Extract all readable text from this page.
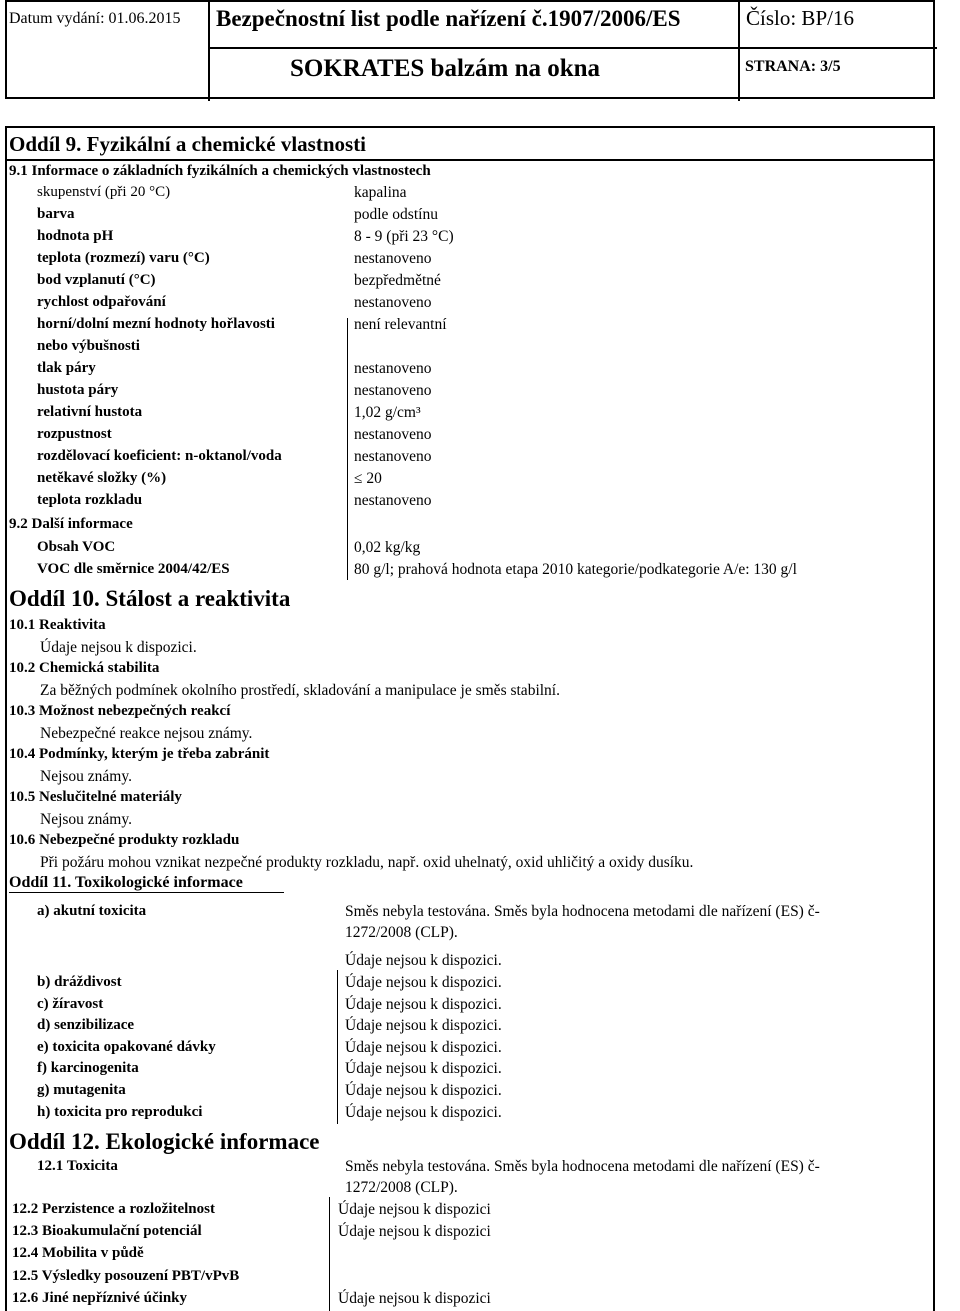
Datum vydání: 01.06.2015 Bezpečnostní list podle nařízení č.1907/2006/ES	Číslo: BP/16
SOKRATES balzám na okna	STRANA: 3/5
Oddíl 9. Fyzikální a chemické vlastnosti
9.1 Informace o základních fyzikálních a chemických vlastnostech
skupenství (při 20 °C)	kapalina
barva	podle odstínu
hodnota pH	8 - 9 (při 23 °C)
teplota (rozmezí) varu (°C)	nestanoveno
bod vzplanutí (°C)	bezpředmětné
rychlost odpařování	nestanoveno
horní/dolní mezní hodnoty hořlavosti	není relevantní
nebo výbušnosti
tlak páry	nestanoveno
hustota páry	nestanoveno
relativní hustota	1,02 g/cm³
rozpustnost	nestanoveno
rozdělovací koeficient: n-oktanol/voda	nestanoveno
netěkavé složky (%)	≤ 20
teplota rozkladu	nestanoveno
9.2 Další informace
Obsah VOC	0,02 kg/kg
VOC dle směrnice 2004/42/ES	80 g/l; prahová hodnota etapa 2010 kategorie/podkategorie A/e: 130 g/l
Oddíl 10. Stálost a reaktivita
10.1 Reaktivita
Údaje nejsou k dispozici.
10.2 Chemická stabilita
Za běžných podmínek okolního prostředí, skladování a manipulace je směs stabilní.
10.3 Možnost nebezpečných reakcí
Nebezpečné reakce nejsou známy.
10.4 Podmínky, kterým je třeba zabránit
Nejsou známy.
10.5 Neslučitelné materiály
Nejsou známy.
10.6 Nebezpečné produkty rozkladu
Při požáru mohou vznikat nezpečné produkty rozkladu, např. oxid uhelnatý, oxid uhličitý a oxidy dusíku.
Oddíl 11. Toxikologické informace
a) akutní toxicita	Směs nebyla testována. Směs byla hodnocena metodami dle nařízení (ES) č-
1272/2008 (CLP).
Údaje nejsou k dispozici.
b) dráždivost	Údaje nejsou k dispozici.
c) žíravost	Údaje nejsou k dispozici.
d) senzibilizace	Údaje nejsou k dispozici.
e) toxicita opakované dávky	Údaje nejsou k dispozici.
f) karcinogenita	Údaje nejsou k dispozici.
g) mutagenita	Údaje nejsou k dispozici.
h) toxicita pro reprodukci	Údaje nejsou k dispozici.
Oddíl 12. Ekologické informace
12.1 Toxicita	Směs nebyla testována. Směs byla hodnocena metodami dle nařízení (ES) č-
1272/2008 (CLP).
12.2 Perzistence a rozložitelnost	Údaje nejsou k dispozici
12.3 Bioakumulační potenciál	Údaje nejsou k dispozici
12.4 Mobilita v půdě
12.5 Výsledky posouzení PBT/vPvB
12.6 Jiné nepříznivé účinky	Údaje nejsou k dispozici
